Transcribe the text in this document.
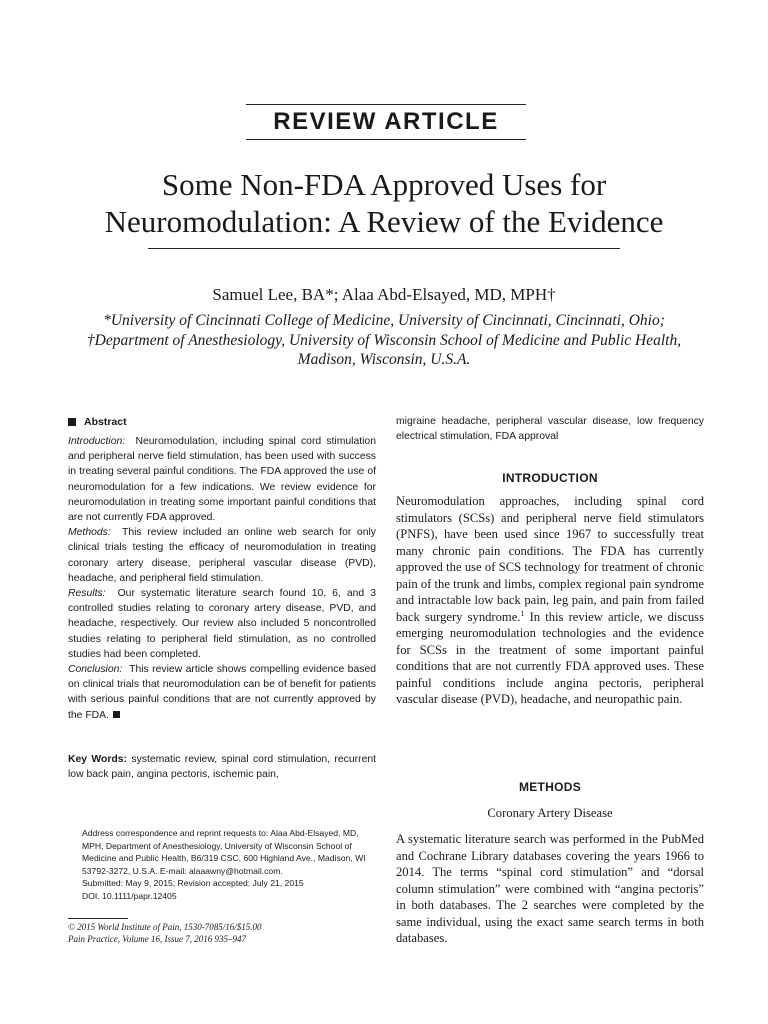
REVIEW ARTICLE
Some Non-FDA Approved Uses for Neuromodulation: A Review of the Evidence
Samuel Lee, BA*; Alaa Abd-Elsayed, MD, MPH†
*University of Cincinnati College of Medicine, University of Cincinnati, Cincinnati, Ohio;
†Department of Anesthesiology, University of Wisconsin School of Medicine and Public Health,
Madison, Wisconsin, U.S.A.
Abstract

Introduction: Neuromodulation, including spinal cord stimulation and peripheral nerve field stimulation, has been used with success in treating several painful conditions. The FDA approved the use of neuromodulation for a few indications. We review evidence for neuromodulation in treating some important painful conditions that are not currently FDA approved.

Methods: This review included an online web search for only clinical trials testing the efficacy of neuromodulation in treating coronary artery disease, peripheral vascular disease (PVD), headache, and peripheral field stimulation.

Results: Our systematic literature search found 10, 6, and 3 controlled studies relating to coronary artery disease, PVD, and headache, respectively. Our review also included 5 noncontrolled studies relating to peripheral field stimulation, as no controlled studies had been completed.

Conclusion: This review article shows compelling evidence based on clinical trials that neuromodulation can be of benefit for patients with serious painful conditions that are not currently approved by the FDA.

Key Words: systematic review, spinal cord stimulation, recurrent low back pain, angina pectoris, ischemic pain,
Address correspondence and reprint requests to: Alaa Abd-Elsayed, MD, MPH, Department of Anesthesiology, University of Wisconsin School of Medicine and Public Health, B6/319 CSC, 600 Highland Ave., Madison, WI 53792-3272, U.S.A. E-mail: alaaawny@hotmail.com.
Submitted: May 9, 2015; Revision accepted: July 21, 2015
DOI. 10.1111/papr.12405
© 2015 World Institute of Pain, 1530-7085/16/$15.00
Pain Practice, Volume 16, Issue 7, 2016 935–947
migraine headache, peripheral vascular disease, low frequency electrical stimulation, FDA approval
INTRODUCTION
Neuromodulation approaches, including spinal cord stimulators (SCSs) and peripheral nerve field stimulators (PNFS), have been used since 1967 to successfully treat many chronic pain conditions. The FDA has currently approved the use of SCS technology for treatment of chronic pain of the trunk and limbs, complex regional pain syndrome and intractable low back pain, leg pain, and pain from failed back surgery syndrome.$^1$ In this review article, we discuss emerging neuromodulation technologies and the evidence for SCSs in the treatment of some important painful conditions that are not currently FDA approved uses. These painful conditions include angina pectoris, peripheral vascular disease (PVD), headache, and neuropathic pain.
METHODS
Coronary Artery Disease
A systematic literature search was performed in the PubMed and Cochrane Library databases covering the years 1966 to 2014. The terms “spinal cord stimulation” and “dorsal column stimulation” were combined with “angina pectoris” in both databases. The 2 searches were completed by the same individual, using the exact same search terms in both databases.
